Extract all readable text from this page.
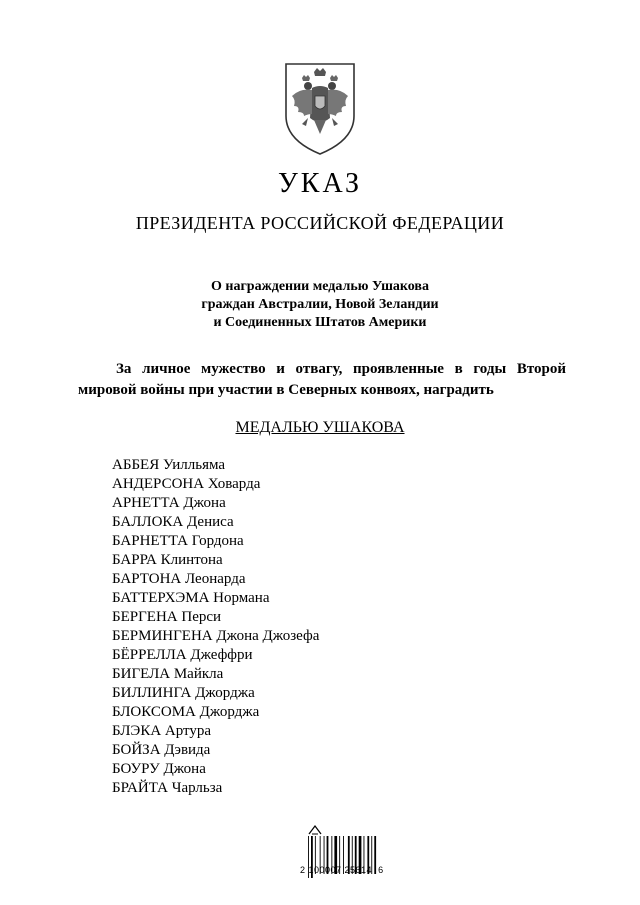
УКАЗ
ПРЕЗИДЕНТА РОССИЙСКОЙ ФЕДЕРАЦИИ
О награждении медалью Ушакова
граждан Австралии, Новой Зеландии
и Соединенных Штатов Америки
За личное мужество и отвагу, проявленные в годы Второй
мировой войны при участии в Северных конвоях, наградить
МЕДАЛЬЮ УШАКОВА
АББЕЯ Уилльяма
АНДЕРСОНА Ховарда
АРНЕТТА Джона
БАЛЛОКА Дениса
БАРНЕТТА Гордона
БАРРА Клинтона
БАРТОНА Леонарда
БАТТЕРХЭМА Нормана
БЕРГЕНА Перси
БЕРМИНГЕНА Джона Джозефа
БЁРРЕЛЛА Джеффри
БИГЕЛА Майкла
БИЛЛИНГА Джорджа
БЛОКСОМА Джорджа
БЛЭКА Артура
БОЙЗА Дэвида
БОУРУ Джона
БРАЙТА Чарльза
2 100007 25614  6
